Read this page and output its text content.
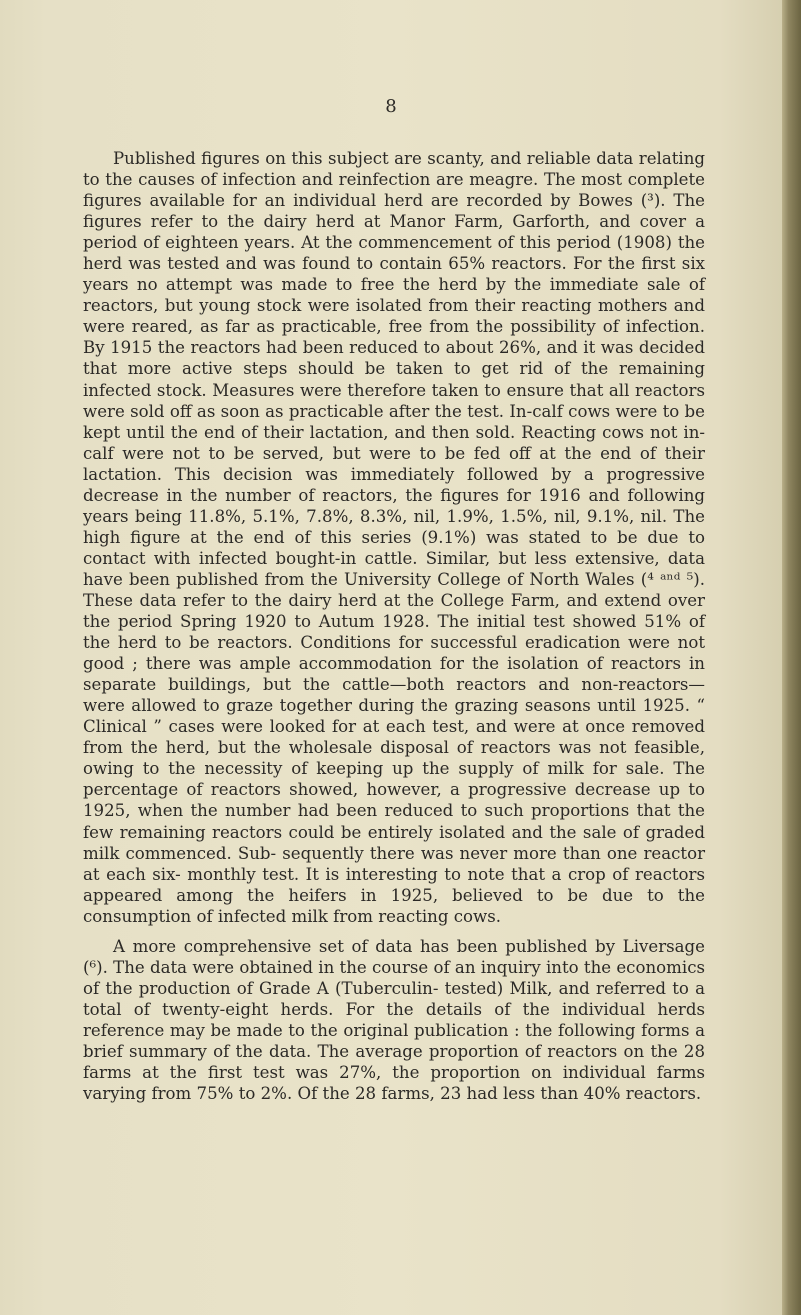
8

Published figures on this subject are scanty, and reliable data relating to the causes of infection and reinfection are meagre. The most complete figures available for an individual herd are recorded by Bowes (³). The figures refer to the dairy herd at Manor Farm, Garforth, and cover a period of eighteen years. At the commencement of this period (1908) the herd was tested and was found to contain 65% reactors. For the first six years no attempt was made to free the herd by the immediate sale of reactors, but young stock were isolated from their reacting mothers and were reared, as far as practicable, free from the possibility of infection. By 1915 the reactors had been reduced to about 26%, and it was decided that more active steps should be taken to get rid of the remaining infected stock. Measures were therefore taken to ensure that all reactors were sold off as soon as practicable after the test. In-calf cows were to be kept until the end of their lactation, and then sold. Reacting cows not in-calf were not to be served, but were to be fed off at the end of their lactation. This decision was immediately followed by a progressive decrease in the number of reactors, the figures for 1916 and following years being 11.8%, 5.1%, 7.8%, 8.3%, nil, 1.9%, 1.5%, nil, 9.1%, nil. The high figure at the end of this series (9.1%) was stated to be due to contact with infected bought-in cattle. Similar, but less extensive, data have been published from the University College of North Wales (⁴ ᵃⁿᵈ ⁵). These data refer to the dairy herd at the College Farm, and extend over the period Spring 1920 to Autum 1928. The initial test showed 51% of the herd to be reactors. Conditions for successful eradication were not good ; there was ample accommodation for the isolation of reactors in separate buildings, but the cattle—both reactors and non-reactors— were allowed to graze together during the grazing seasons until 1925. “ Clinical ” cases were looked for at each test, and were at once removed from the herd, but the wholesale disposal of reactors was not feasible, owing to the necessity of keeping up the supply of milk for sale. The percentage of reactors showed, however, a progressive decrease up to 1925, when the number had been reduced to such proportions that the few remaining reactors could be entirely isolated and the sale of graded milk commenced. Sub- sequently there was never more than one reactor at each six- monthly test. It is interesting to note that a crop of reactors appeared among the heifers in 1925, believed to be due to the consumption of infected milk from reacting cows.

A more comprehensive set of data has been published by Liversage (⁶). The data were obtained in the course of an inquiry into the economics of the production of Grade A (Tuberculin- tested) Milk, and referred to a total of twenty-eight herds. For the details of the individual herds reference may be made to the original publication : the following forms a brief summary of the data. The average proportion of reactors on the 28 farms at the first test was 27%, the proportion on individual farms varying from 75% to 2%. Of the 28 farms, 23 had less than 40% reactors.
